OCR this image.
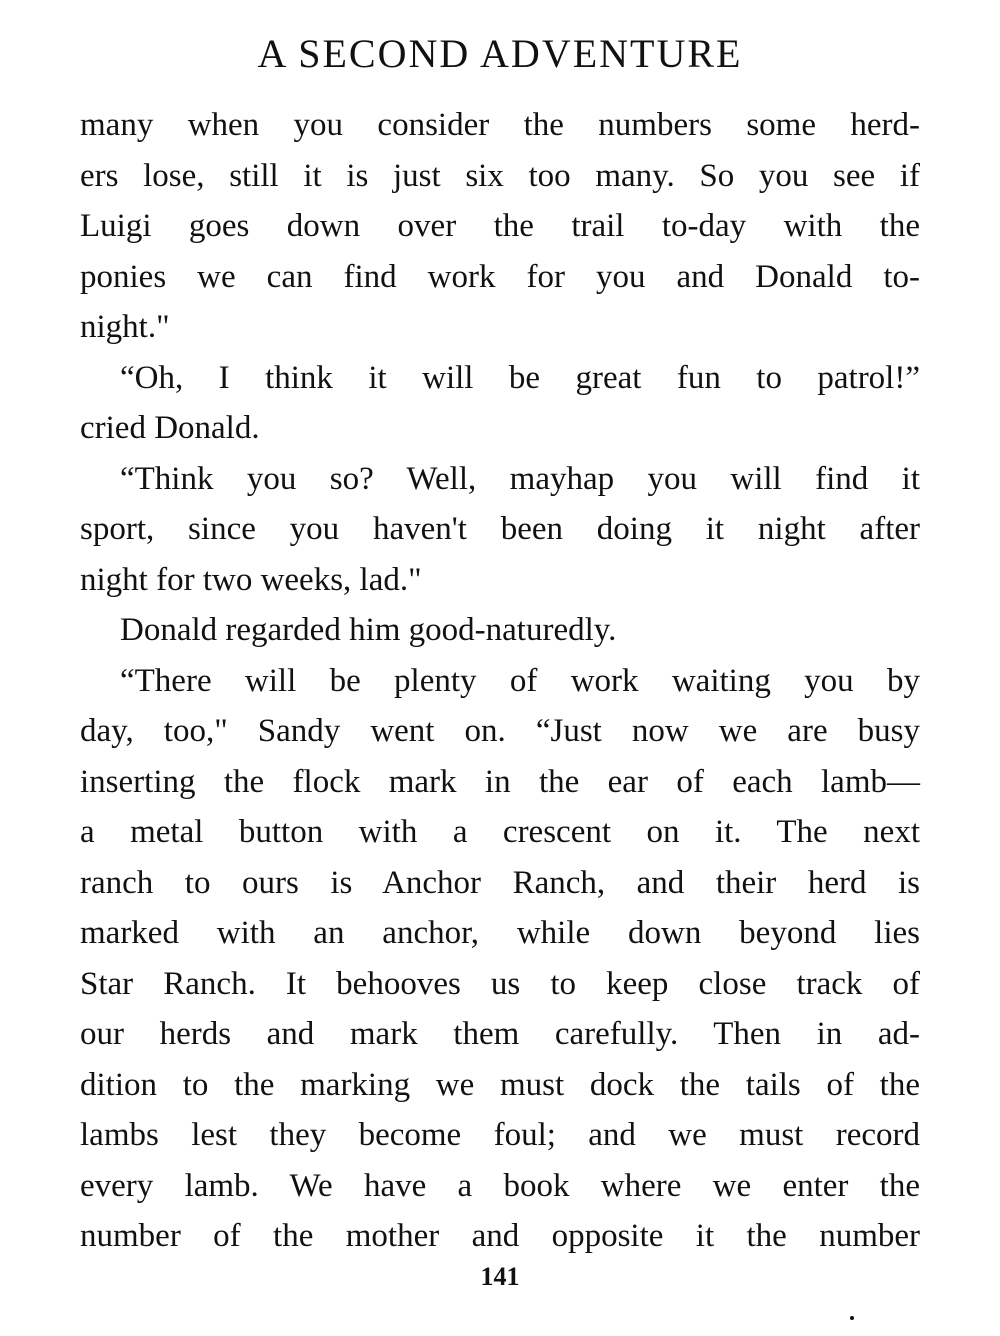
A SECOND ADVENTURE
many when you consider the numbers some herd-
ers lose, still it is just six too many. So you see if
Luigi goes down over the trail to-day with the
ponies we can find work for you and Donald to-
night."
“Oh, I think it will be great fun to patrol!”
cried Donald.
“Think you so? Well, mayhap you will find it
sport, since you haven't been doing it night after
night for two weeks, lad."
Donald regarded him good-naturedly.
“There will be plenty of work waiting you by
day, too," Sandy went on. “Just now we are busy
inserting the flock mark in the ear of each lamb—
a metal button with a crescent on it. The next
ranch to ours is Anchor Ranch, and their herd is
marked with an anchor, while down beyond lies
Star Ranch. It behooves us to keep close track of
our herds and mark them carefully. Then in ad-
dition to the marking we must dock the tails of the
lambs lest they become foul; and we must record
every lamb. We have a book where we enter the
number of the mother and opposite it the number
141
